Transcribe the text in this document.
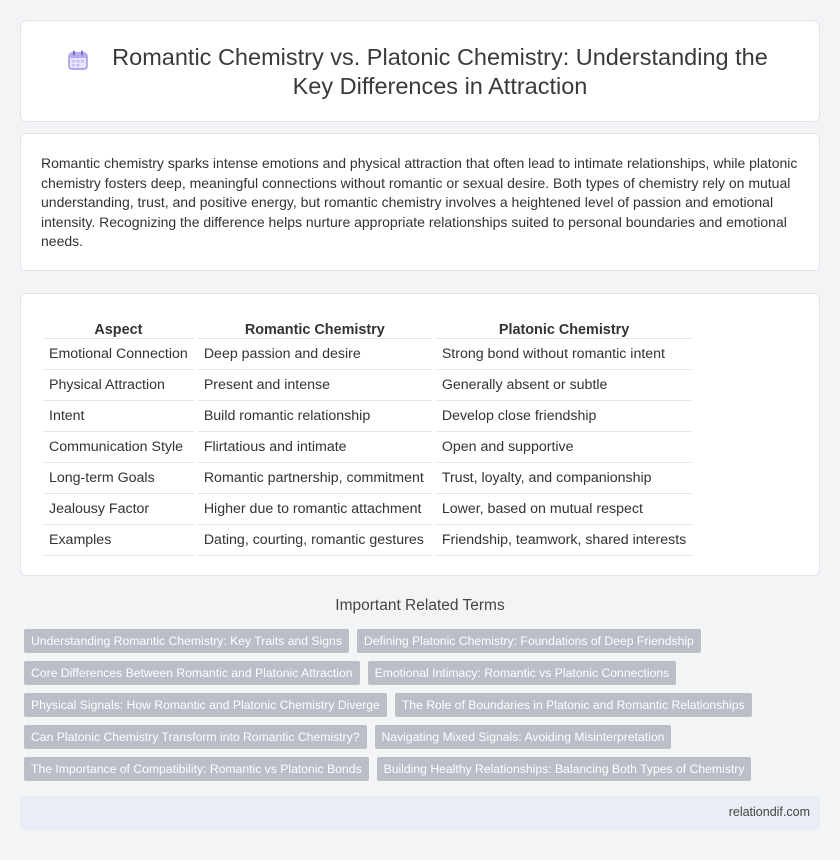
Romantic Chemistry vs. Platonic Chemistry: Understanding the Key Differences in Attraction

Romantic chemistry sparks intense emotions and physical attraction that often lead to intimate relationships, while platonic chemistry fosters deep, meaningful connections without romantic or sexual desire. Both types of chemistry rely on mutual understanding, trust, and positive energy, but romantic chemistry involves a heightened level of passion and emotional intensity. Recognizing the difference helps nurture appropriate relationships suited to personal boundaries and emotional needs.

Aspect		Romantic Chemistry		Platonic Chemistry
Emotional Connection		Deep passion and desire		Strong bond without romantic intent
Physical Attraction		Present and intense		Generally absent or subtle
Intent		Build romantic relationship		Develop close friendship
Communication Style		Flirtatious and intimate		Open and supportive
Long-term Goals		Romantic partnership, commitment		Trust, loyalty, and companionship
Jealousy Factor		Higher due to romantic attachment		Lower, based on mutual respect
Examples		Dating, courting, romantic gestures		Friendship, teamwork, shared interests
Important Related Terms
Understanding Romantic Chemistry: Key Traits and Signs	Defining Platonic Chemistry: Foundations of Deep Friendship
Core Differences Between Romantic and Platonic Attraction	Emotional Intimacy: Romantic vs Platonic Connections
Physical Signals: How Romantic and Platonic Chemistry Diverge	The Role of Boundaries in Platonic and Romantic Relationships
Can Platonic Chemistry Transform into Romantic Chemistry?	Navigating Mixed Signals: Avoiding Misinterpretation
The Importance of Compatibility: Romantic vs Platonic Bonds	Building Healthy Relationships: Balancing Both Types of Chemistry
relationdif.com
